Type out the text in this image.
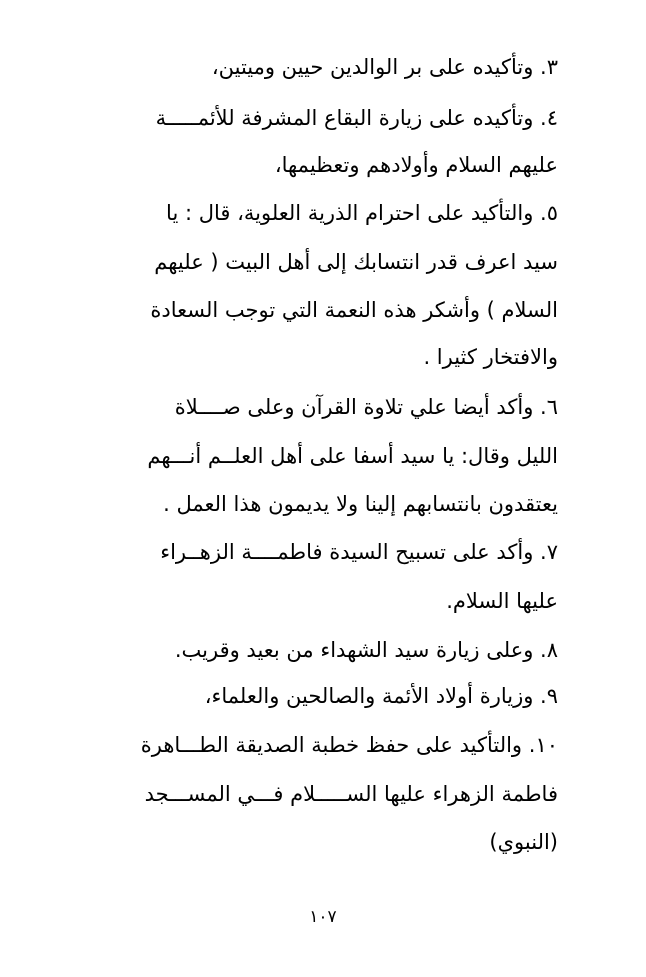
٣. وتأكيده على بر الوالدين حيين وميتين،
٤. وتأكيده على زيارة البقاع المشرفة للأئمـــــة
عليهم السلام وأولادهم وتعظيمها،
٥. والتأكيد على احترام الذرية العلوية، قال : يا
سيد اعرف قدر انتسابك إلى أهل البيت ( عليهم
السلام ) وأشكر هذه النعمة التي توجب السعادة
والافتخار كثيرا .
٦. وأكد أيضا علي تلاوة القرآن وعلى صــــلاة
الليل وقال: يا سيد أسفا على أهل العلــم أنـــهم
يعتقدون بانتسابهم إلينا ولا يديمون هذا العمل .
٧. وأكد على تسبيح السيدة فاطمــــة الزهــراء
عليها السلام.
٨. وعلى زيارة سيد الشهداء من بعيد وقريب.
٩. وزيارة أولاد الأئمة والصالحين والعلماء،
١٠. والتأكيد على حفظ خطبة الصديقة الطـــاهرة
فاطمة الزهراء عليها الســـــلام فـــي المســـجد
(النبوي)
١٠٧
